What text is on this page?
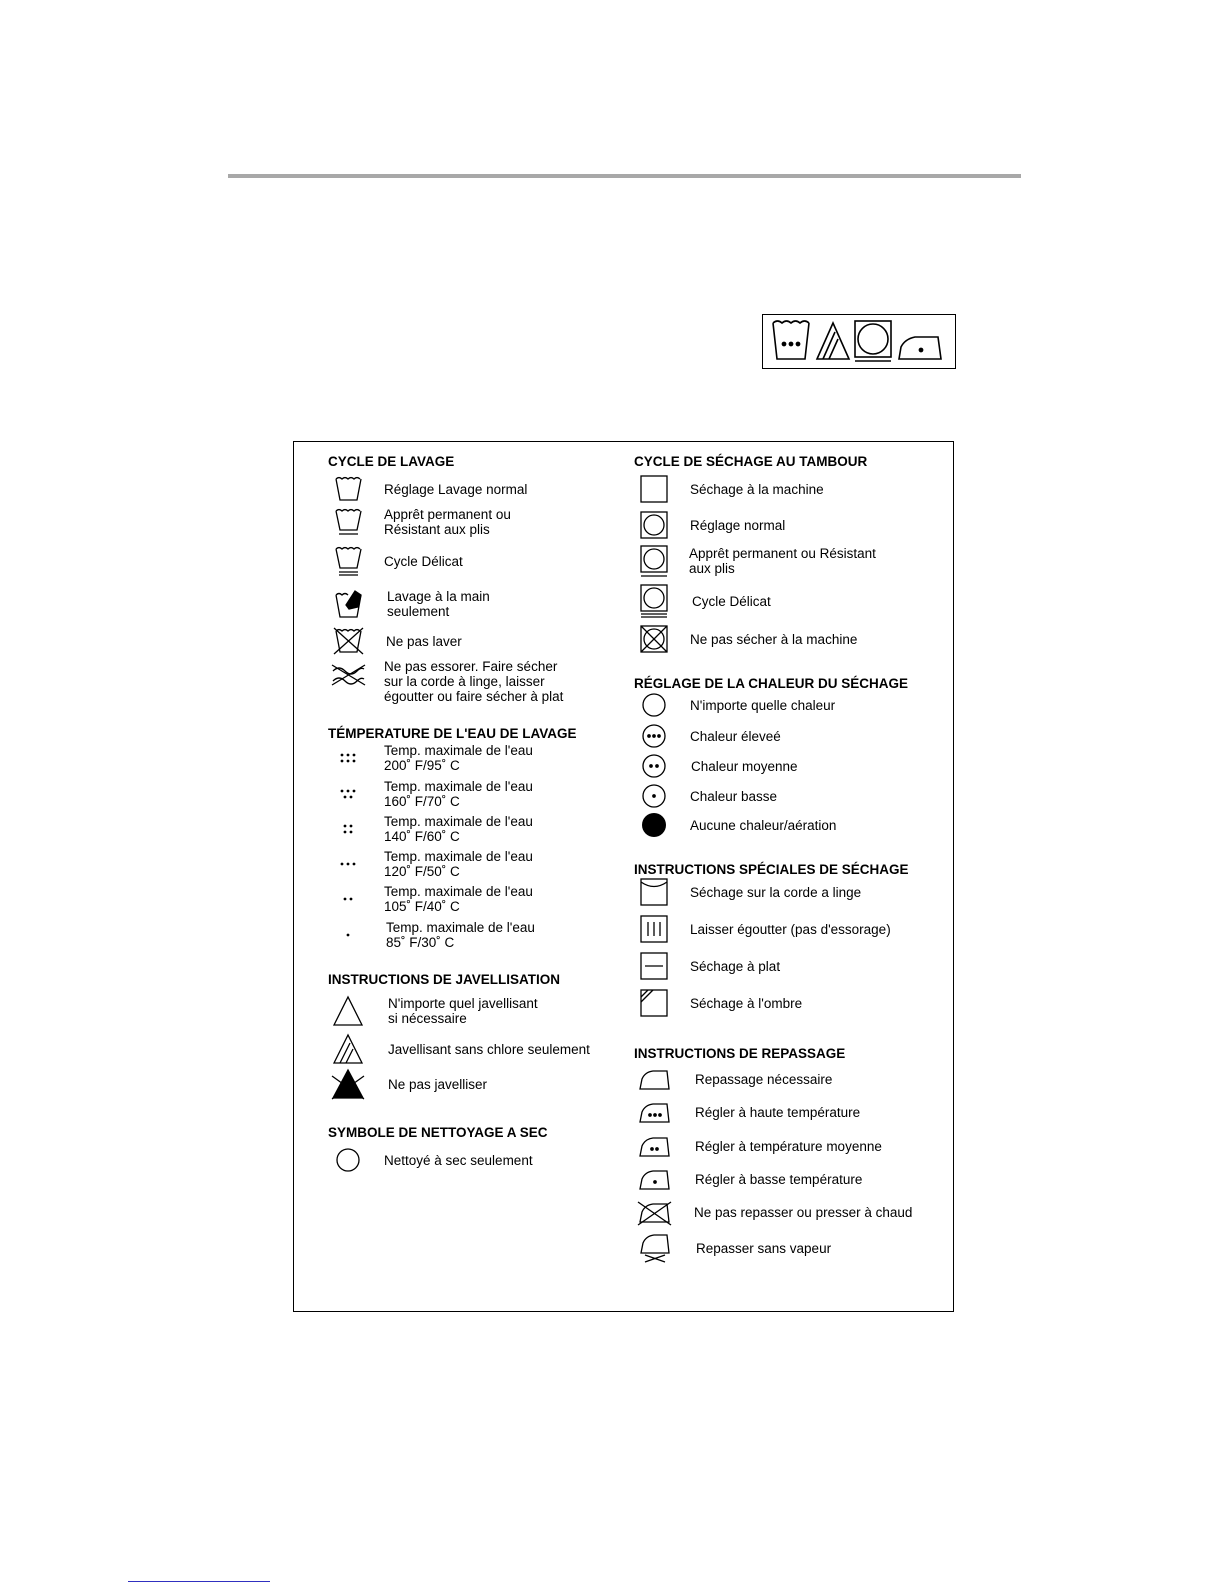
CYCLE DE LAVAGE
Réglage Lavage normal
Apprêt permanent ou
Résistant aux plis
Cycle Délicat
Lavage à la main
seulement
Ne pas laver
Ne pas essorer. Faire sécher
sur la corde à linge, laisser
égoutter ou faire sécher à plat
TÉMPERATURE DE L'EAU DE LAVAGE
Temp. maximale de l'eau
200˚ F/95˚ C
Temp. maximale de l'eau
160˚ F/70˚ C
Temp. maximale de l'eau
140˚ F/60˚ C
Temp. maximale de l'eau
120˚ F/50˚ C
Temp. maximale de l'eau
105˚ F/40˚ C
Temp. maximale de l'eau
85˚ F/30˚ C
INSTRUCTIONS DE JAVELLISATION
N'importe quel javellisant
si nécessaire
Javellisant sans chlore seulement
Ne pas javelliser
SYMBOLE DE NETTOYAGE A SEC
Nettoyé à sec seulement
CYCLE DE SÉCHAGE AU TAMBOUR
Séchage à la machine
Réglage normal
Apprêt permanent ou Résistant
aux plis
Cycle Délicat
Ne pas sécher à la machine
RÉGLAGE DE LA CHALEUR DU SÉCHAGE
N'importe quelle chaleur
Chaleur éleveé
Chaleur moyenne
Chaleur basse
Aucune chaleur/aération
INSTRUCTIONS SPÉCIALES DE SÉCHAGE
Séchage sur la corde a linge
Laisser égoutter (pas d'essorage)
Séchage à plat
Séchage à l'ombre
INSTRUCTIONS DE REPASSAGE
Repassage nécessaire
Régler à haute température
Régler à température moyenne
Régler à basse température
Ne pas repasser ou presser à chaud
Repasser sans vapeur
